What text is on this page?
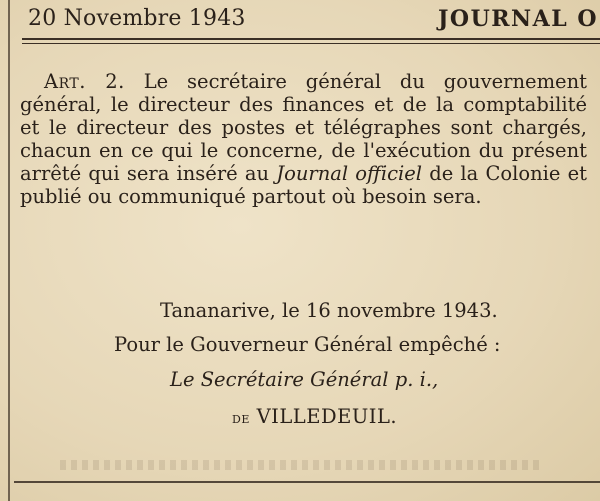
20 Novembre 1943	JOURNAL O

Art. 2. Le secrétaire général du gouvernement général, le directeur des finances et de la comptabilité et le directeur des postes et télégraphes sont chargés, chacun en ce qui le concerne, de l'exécution du présent arrêté qui sera inséré au Journal officiel de la Colonie et publié ou communiqué partout où besoin sera.

Tananarive, le 16 novembre 1943.
Pour le Gouverneur Général empêché :
Le Secrétaire Général p. i.,
de VILLEDEUIL.
